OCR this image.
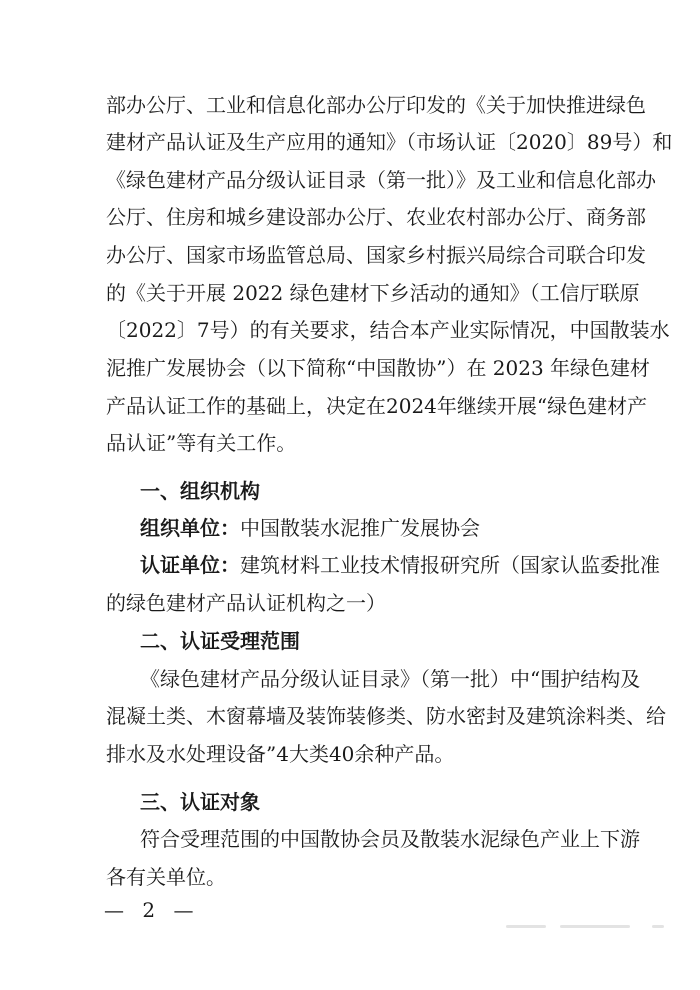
部办公厅、工业和信息化部办公厅印发的《关于加快推进绿色
建材产品认证及生产应用的通知》（市场认证〔2020〕89号）和
《绿色建材产品分级认证目录（第一批）》及工业和信息化部办
公厅、住房和城乡建设部办公厅、农业农村部办公厅、商务部
办公厅、国家市场监管总局、国家乡村振兴局综合司联合印发
的《关于开展 2022 绿色建材下乡活动的通知》（工信厅联原
〔2022〕7号）的有关要求，结合本产业实际情况，中国散装水
泥推广发展协会（以下简称“中国散协”）在 2023 年绿色建材
产品认证工作的基础上，决定在2024年继续开展“绿色建材产
品认证”等有关工作。
一、组织机构
组织单位：中国散装水泥推广发展协会
认证单位：建筑材料工业技术情报研究所（国家认监委批准
的绿色建材产品认证机构之一）
二、认证受理范围
《绿色建材产品分级认证目录》（第一批）中“围护结构及
混凝土类、木窗幕墙及装饰装修类、防水密封及建筑涂料类、给
排水及水处理设备”4大类40余种产品。
三、认证对象
符合受理范围的中国散协会员及散装水泥绿色产业上下游
各有关单位。
— 2 —
